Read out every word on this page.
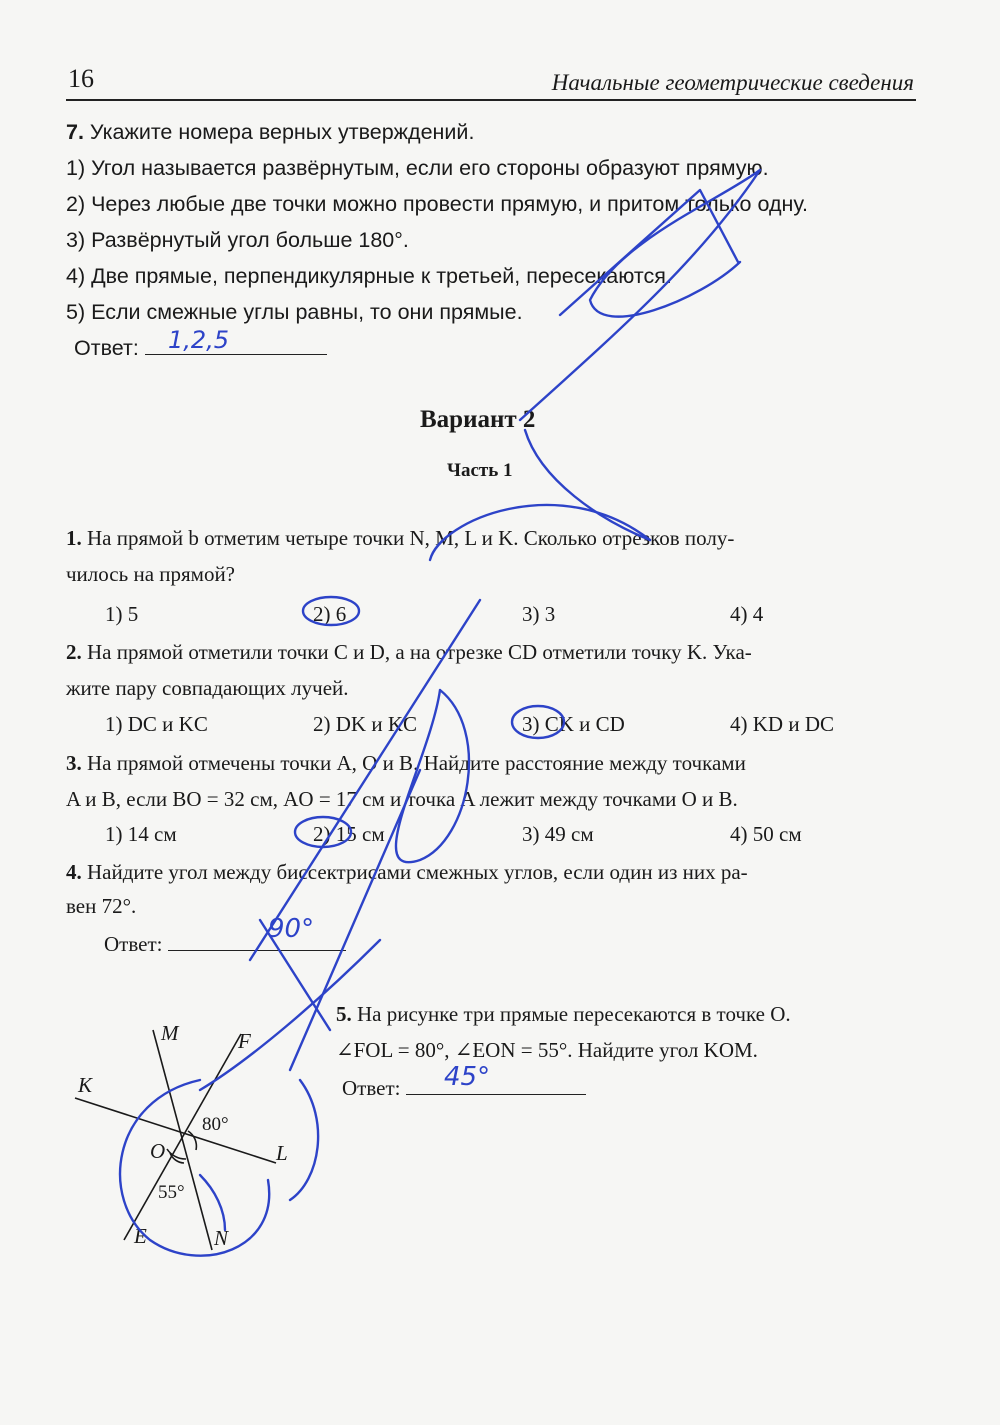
16	Начальные геометрические сведения
7. Укажите номера верных утверждений.
1) Угол называется развёрнутым, если его стороны образуют прямую.
2) Через любые две точки можно провести прямую, и притом только одну.
3) Развёрнутый угол больше 180°.
4) Две прямые, перпендикулярные к третьей, пересекаются.
5) Если смежные углы равны, то они прямые.
Ответ:	1,2,5
Вариант 2
Часть 1
1. На прямой b отметим четыре точки N, M, L и K. Сколько отрезков полу-
чилось на прямой?
1) 5	2) 6	3) 3	4) 4
2. На прямой отметили точки C и D, а на отрезке CD отметили точку K. Ука-
жите пару совпадающих лучей.
1) DC и KC	2) DK и KC	3) CK и CD	4) KD и DC
3. На прямой отмечены точки A, O и B. Найдите расстояние между точками
A и B, если BO = 32 см, AO = 17 см и точка A лежит между точками O и B.
1) 14 см	2) 15 см	3) 49 см	4) 50 см
4. Найдите угол между биссектрисами смежных углов, если один из них ра-
вен 72°.
Ответ:	90°
5. На рисунке три прямые пересекаются в точке O.
∠FOL = 80°, ∠EON = 55°. Найдите угол KOM.
Ответ:	45°
M	F
K
O	L
E	N
80°
55°
